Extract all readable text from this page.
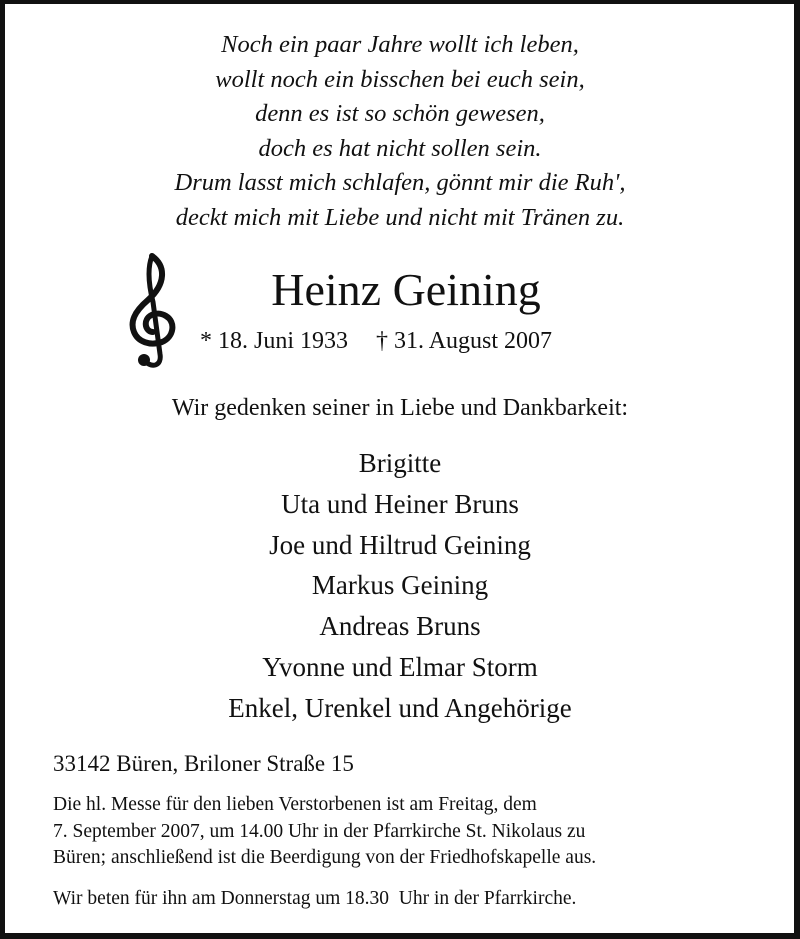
Noch ein paar Jahre wollt ich leben,
wollt noch ein bisschen bei euch sein,
denn es ist so schön gewesen,
doch es hat nicht sollen sein.
Drum lasst mich schlafen, gönnt mir die Ruh',
deckt mich mit Liebe und nicht mit Tränen zu.
Heinz Geining
* 18. Juni 1933 † 31. August 2007
Wir gedenken seiner in Liebe und Dankbarkeit:
Brigitte
Uta und Heiner Bruns
Joe und Hiltrud Geining
Markus Geining
Andreas Bruns
Yvonne und Elmar Storm
Enkel, Urenkel und Angehörige
33142 Büren, Briloner Straße 15
Die hl. Messe für den lieben Verstorbenen ist am Freitag, dem
7. September 2007, um 14.00 Uhr in der Pfarrkirche St. Nikolaus zu
Büren; anschließend ist die Beerdigung von der Friedhofskapelle aus.
Wir beten für ihn am Donnerstag um 18.30  Uhr in der Pfarrkirche.
